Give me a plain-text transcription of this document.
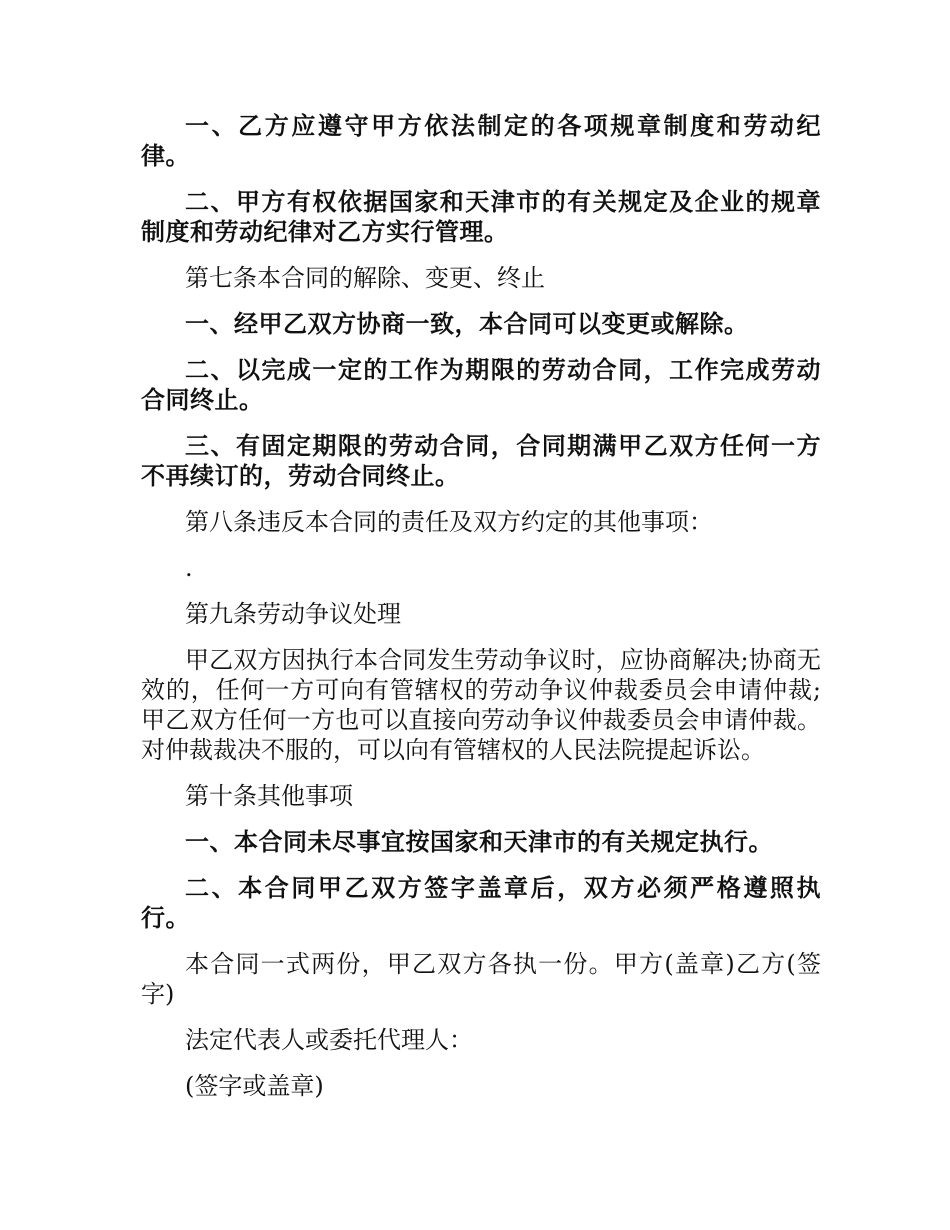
一、乙方应遵守甲方依法制定的各项规章制度和劳动纪律。

二、甲方有权依据国家和天津市的有关规定及企业的规章制度和劳动纪律对乙方实行管理。

第七条本合同的解除、变更、终止

一、经甲乙双方协商一致，本合同可以变更或解除。

二、以完成一定的工作为期限的劳动合同，工作完成劳动合同终止。

三、有固定期限的劳动合同，合同期满甲乙双方任何一方不再续订的，劳动合同终止。

第八条违反本合同的责任及双方约定的其他事项：

.

第九条劳动争议处理

甲乙双方因执行本合同发生劳动争议时，应协商解决;协商无效的，任何一方可向有管辖权的劳动争议仲裁委员会申请仲裁;甲乙双方任何一方也可以直接向劳动争议仲裁委员会申请仲裁。对仲裁裁决不服的，可以向有管辖权的人民法院提起诉讼。

第十条其他事项

一、本合同未尽事宜按国家和天津市的有关规定执行。

二、本合同甲乙双方签字盖章后，双方必须严格遵照执行。

本合同一式两份，甲乙双方各执一份。甲方(盖章)乙方(签字)

法定代表人或委托代理人：

(签字或盖章)
